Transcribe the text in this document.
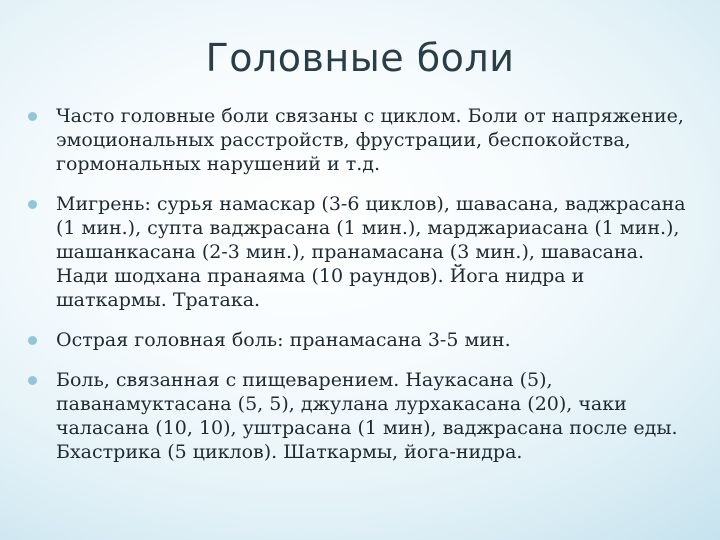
Головные боли
Часто головные боли связаны с циклом. Боли от напряжение, эмоциональных расстройств, фрустрации, беспокойства, гормональных нарушений и т.д.
Мигрень: сурья намаскар (3-6 циклов), шавасана, ваджрасана (1 мин.), супта ваджрасана (1 мин.), марджариасана (1 мин.), шашанкасана (2-3 мин.), пранамасана (3 мин.), шавасана. Нади шодхана пранаяма (10 раундов). Йога нидра и шаткармы. Тратака.
Острая головная боль: пранамасана 3-5 мин.
Боль, связанная с пищеварением. Наукасана (5), паванамуктасана (5, 5), джулана лурхакасана (20), чаки чаласана (10, 10), уштрасана (1 мин), ваджрасана после еды. Бхастрика (5 циклов). Шаткармы, йога-нидра.
